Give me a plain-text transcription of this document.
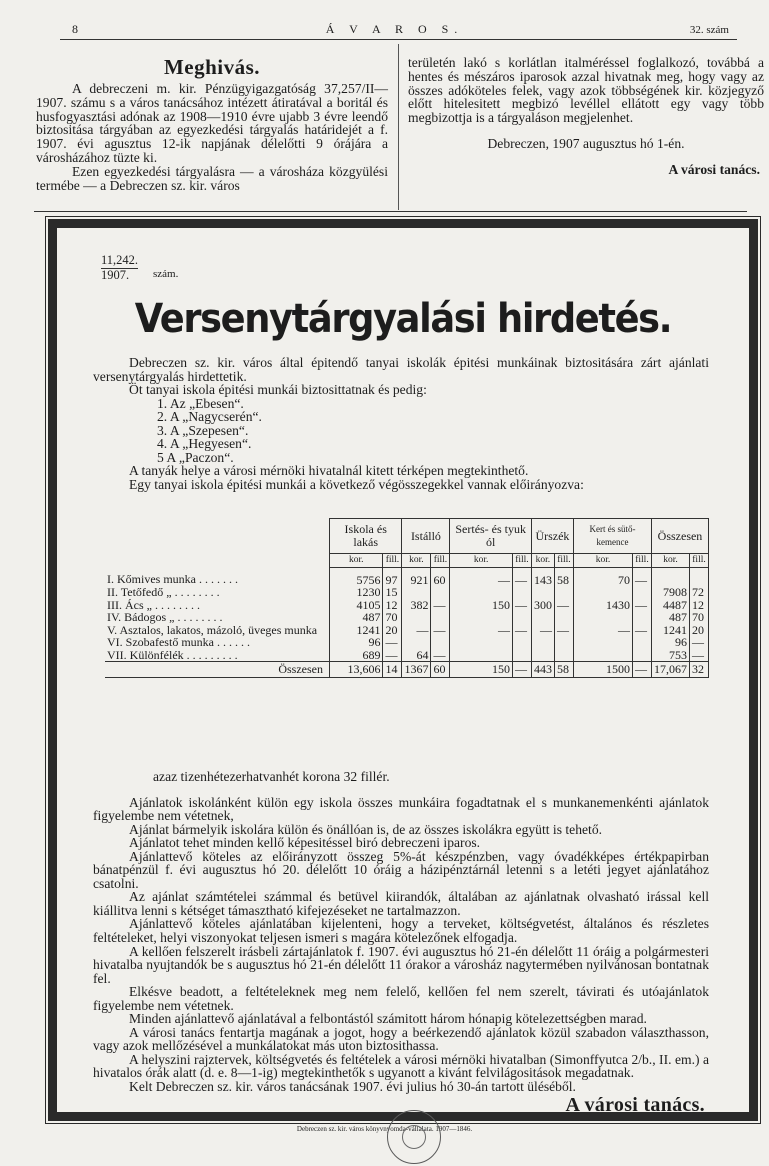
8	Á V A R O S.	32. szám
Meghivás.

A debreczeni m. kir. Pénzügyigazgatóság 37,257/II—1907. számu s a város tanácsához intézett átiratával a boritál és husfogyasztási adónak az 1908—1910 évre ujabb 3 évre leendő biztositása tárgyában az egyezkedési tárgyalás határidejét a f. 1907. évi agusztus 12-ik napjának délelőtti 9 órájára a városházához tüzte ki.

Ezen egyezkedési tárgyalásra — a városháza közgyülési termébe — a Debreczen sz. kir. város

területén lakó s korlátlan italméréssel foglalkozó, továbbá a hentes és mészáros iparosok azzal hivatnak meg, hogy vagy az összes adóköteles felek, vagy azok többségének kir. közjegyző előtt hitelesitett megbizó levéllel ellátott egy vagy több megbizottja is a tárgyaláson megjelenhet.

Debreczen, 1907 augusztus hó 1-én.

A városi tanács.

11,242.
1907. szám.
Versenytárgyalási hirdetés.

Debreczen sz. kir. város által épitendő tanyai iskolák épitési munkáinak biztositására zárt ajánlati versenytárgyalás hirdettetik.

Öt tanyai iskola épitési munkái biztosittatnak és pedig:

1. Az „Ebesen“.
2. A „Nagycserén“.
3. A „Szepesen“.
4. A „Hegyesen“.
5 A „Paczon“.

A tanyák helye a városi mérnöki hivatalnál kitett térképen megtekinthető.

Egy tanyai iskola épitési munkái a következő végösszegekkel vannak előirányozva:

	Iskola és lakás		Istálló		Sertés- és tyuk ól		Ürszék		Kert és sütő-kemence		Összesen	
	kor.	fill.	kor.	fill.	kor.	fill.	kor.	fill.	kor.	fill.	kor.	fill.
I. Kőmives munka . . . . . . .	5756	97	921	60	—	—	143	58	70	—		
II. Tetőfedő „ . . . . . . . .	1230	15									7908	72
III. Ács „ . . . . . . . .	4105	12	382	—	150	—	300	—	1430	—	4487	12
IV. Bádogos „ . . . . . . . .	487	70									487	70
V. Asztalos, lakatos, mázoló, üveges munka	1241	20	—	—	—	—	—	—	—	—	1241	20
VI. Szobafestő munka . . . . . .	96	—									96	—
VII. Különfélék . . . . . . . . .	689	—	64	—							753	—
Összesen	13,606	14	1367	60	150	—	443	58	1500	—	17,067	32

azaz tizenhétezerhatvanhét korona 32 fillér.

Ajánlatok iskolánként külön egy iskola összes munkáira fogadtatnak el s munkanemenkénti ajánlatok figyelembe nem vétetnek,

Ajánlat bármelyik iskolára külön és önállóan is, de az összes iskolákra együtt is tehető.

Ajánlatot tehet minden kellő képesitéssel biró debreczeni iparos.

Ajánlattevő köteles az előirányzott összeg 5%-át készpénzben, vagy óvadékképes értékpapirban bánatpénzül f. évi augusztus hó 20. délelőtt 10 óráig a házipénztárnál letenni s a letéti jegyet ajánlatához csatolni.

Az ajánlat számtételei számmal és betüvel kiirandók, általában az ajánlatnak olvasható irással kell kiállitva lenni s kétséget támasztható kifejezéseket ne tartalmazzon.

Ajánlattevő köteles ajánlatában kijelenteni, hogy a terveket, költségvetést, általános és részletes feltételeket, helyi viszonyokat teljesen ismeri s magára kötelezőnek elfogadja.

A kellően felszerelt irásbeli zártajánlatok f. 1907. évi augusztus hó 21-én délelőtt 11 óráig a polgármesteri hivatalba nyujtandók be s augusztus hó 21-én délelőtt 11 órakor a városház nagytermében nyilvánosan bontatnak fel.

Elkésve beadott, a feltételeknek meg nem felelő, kellően fel nem szerelt, távirati és utóajánlatok figyelembe nem vétetnek.

Minden ajánlattevő ajánlatával a felbontástól számitott három hónapig kötelezettségben marad.

A városi tanács fentartja magának a jogot, hogy a beérkezendő ajánlatok közül szabadon választhasson, vagy azok mellőzésével a munkálatokat más uton biztosithassa.

A helyszini rajztervek, költségvetés és feltételek a városi mérnöki hivatalban (Simonffyutca 2/b., II. em.) a hivatalos órák alatt (d. e. 8—1-ig) megtekinthetők s ugyanott a kivánt felvilágositások megadatnak.

Kelt Debreczen sz. kir. város tanácsának 1907. évi julius hó 30-án tartott üléséből.

A városi tanács.
Debreczen sz. kir. város könyvnyomda-vállalata. 1907—1846.
